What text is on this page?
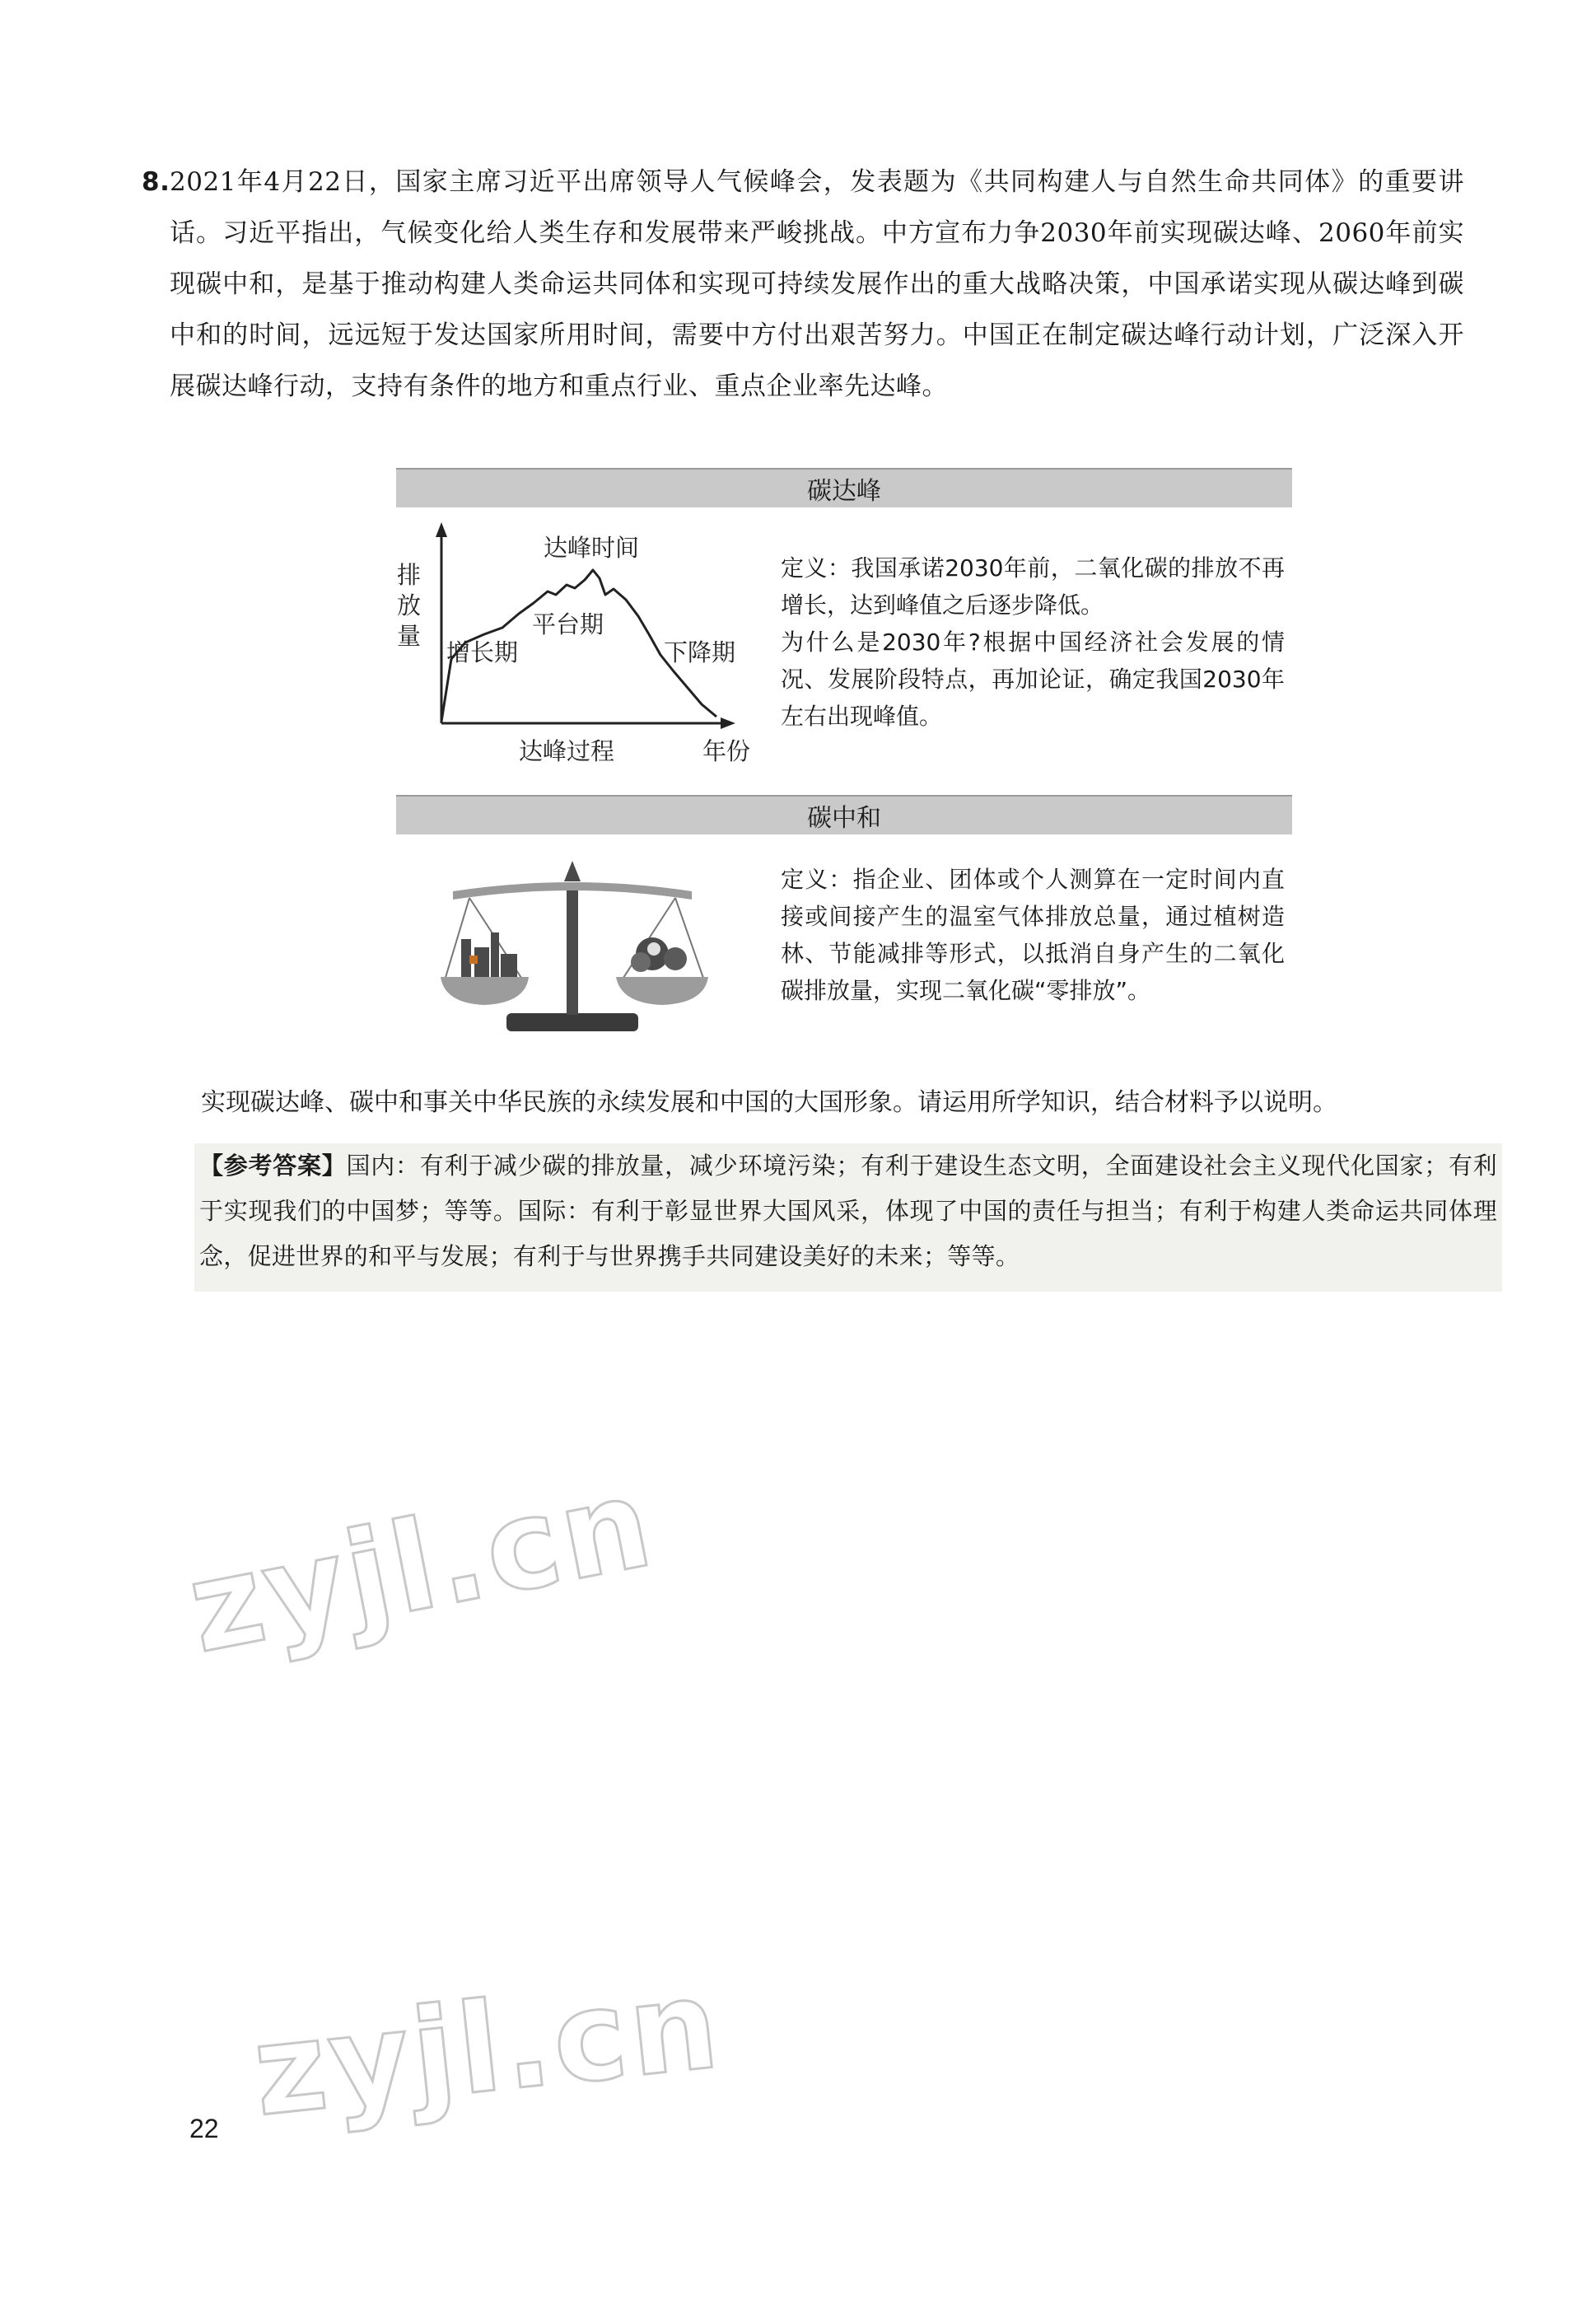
8. 2021年4月22日，国家主席习近平出席领导人气候峰会，发表题为《共同构建人与自然生命共同体》的重要讲话。习近平指出，气候变化给人类生存和发展带来严峻挑战。中方宣布力争2030年前实现碳达峰、2060年前实现碳中和，是基于推动构建人类命运共同体和实现可持续发展作出的重大战略决策，中国承诺实现从碳达峰到碳中和的时间，远远短于发达国家所用时间，需要中方付出艰苦努力。中国正在制定碳达峰行动计划，广泛深入开展碳达峰行动，支持有条件的地方和重点行业、重点企业率先达峰。
碳达峰
排
放
量
达峰时间
平台期
增长期	下降期
达峰过程	年份
定义：我国承诺2030年前，二氧化碳的排放不再增长，达到峰值之后逐步降低。
为什么是2030年?根据中国经济社会发展的情况、发展阶段特点，再加论证，确定我国2030年左右出现峰值。
碳中和
定义：指企业、团体或个人测算在一定时间内直接或间接产生的温室气体排放总量，通过植树造林、节能减排等形式，以抵消自身产生的二氧化碳排放量，实现二氧化碳“零排放”。
实现碳达峰、碳中和事关中华民族的永续发展和中国的大国形象。请运用所学知识，结合材料予以说明。
【参考答案】国内：有利于减少碳的排放量，减少环境污染；有利于建设生态文明，全面建设社会主义现代化国家；有利于实现我们的中国梦；等等。国际：有利于彰显世界大国风采，体现了中国的责任与担当；有利于构建人类命运共同体理念，促进世界的和平与发展；有利于与世界携手共同建设美好的未来；等等。
zyjl.cn
zyjl.cn
22
